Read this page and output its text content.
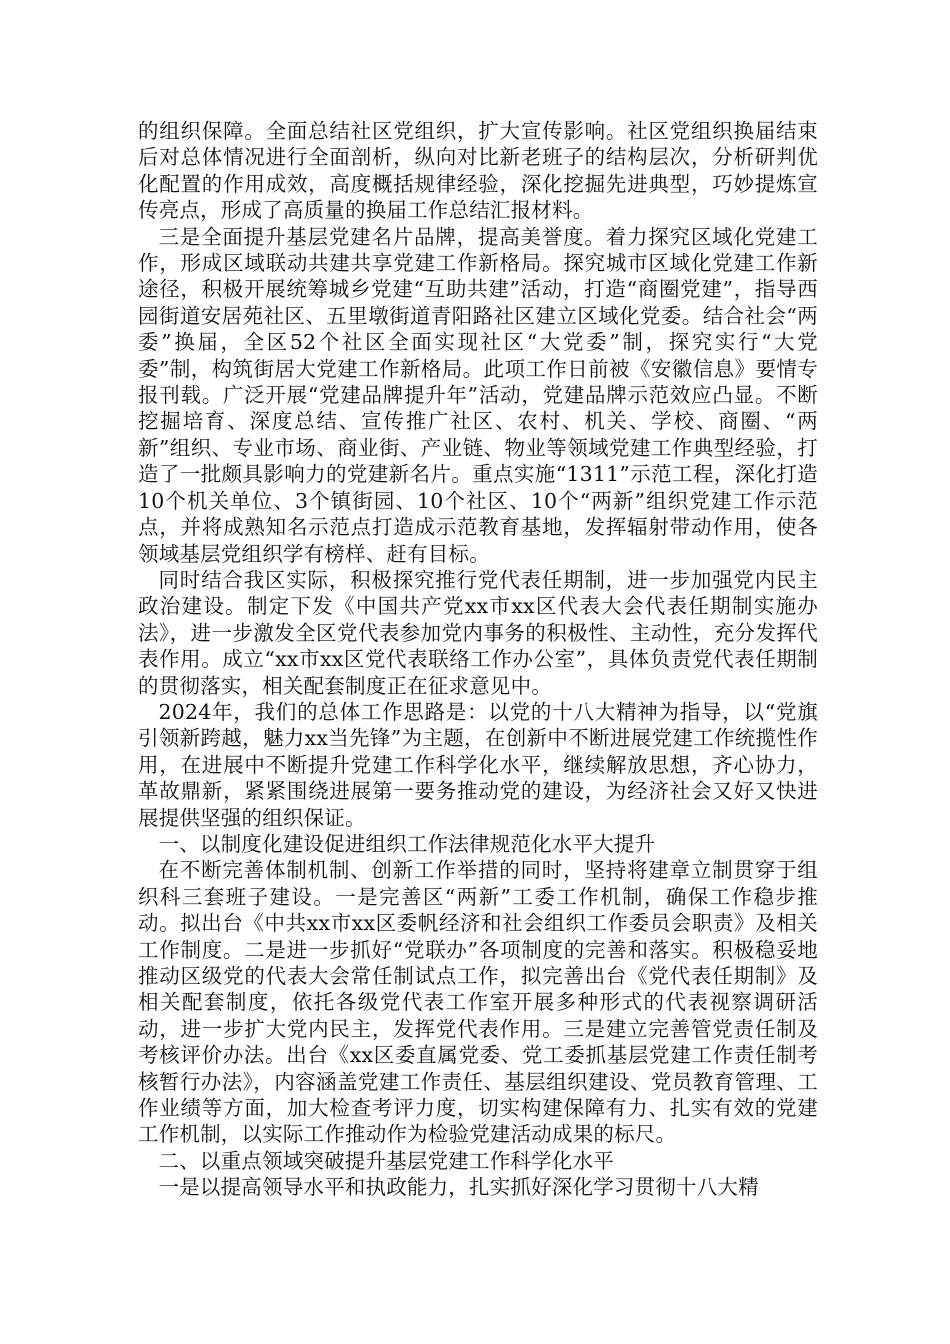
的组织保障。全面总结社区党组织，扩大宣传影响。社区党组织换届结束后对总体情况进行全面剖析，纵向对比新老班子的结构层次，分析研判优化配置的作用成效，高度概括规律经验，深化挖掘先进典型，巧妙提炼宣传亮点，形成了高质量的换届工作总结汇报材料。

三是全面提升基层党建名片品牌，提高美誉度。着力探究区域化党建工作，形成区域联动共建共享党建工作新格局。探究城市区域化党建工作新途径，积极开展统筹城乡党建“互助共建”活动，打造“商圈党建”，指导西园街道安居苑社区、五里墩街道青阳路社区建立区域化党委。结合社会“两委”换届，全区52个社区全面实现社区“大党委”制，探究实行“大党委”制，构筑街居大党建工作新格局。此项工作日前被《安徽信息》要情专报刊载。广泛开展“党建品牌提升年”活动，党建品牌示范效应凸显。不断挖掘培育、深度总结、宣传推广社区、农村、机关、学校、商圈、“两新”组织、专业市场、商业街、产业链、物业等领域党建工作典型经验，打造了一批颇具影响力的党建新名片。重点实施“1311”示范工程，深化打造10个机关单位、3个镇街园、10个社区、10个“两新”组织党建工作示范点，并将成熟知名示范点打造成示范教育基地，发挥辐射带动作用，使各领域基层党组织学有榜样、赶有目标。

同时结合我区实际，积极探究推行党代表任期制，进一步加强党内民主政治建设。制定下发《中国共产党xx市xx区代表大会代表任期制实施办法》，进一步激发全区党代表参加党内事务的积极性、主动性，充分发挥代表作用。成立“xx市xx区党代表联络工作办公室”，具体负责党代表任期制的贯彻落实，相关配套制度正在征求意见中。

2024年，我们的总体工作思路是：以党的十八大精神为指导，以“党旗引领新跨越，魅力xx当先锋”为主题，在创新中不断进展党建工作统揽性作用，在进展中不断提升党建工作科学化水平，继续解放思想，齐心协力，革故鼎新，紧紧围绕进展第一要务推动党的建设，为经济社会又好又快进展提供坚强的组织保证。

一、以制度化建设促进组织工作法律规范化水平大提升

在不断完善体制机制、创新工作举措的同时，坚持将建章立制贯穿于组织科三套班子建设。一是完善区“两新”工委工作机制，确保工作稳步推动。拟出台《中共xx市xx区委帆经济和社会组织工作委员会职责》及相关工作制度。二是进一步抓好“党联办”各项制度的完善和落实。积极稳妥地推动区级党的代表大会常任制试点工作，拟完善出台《党代表任期制》及相关配套制度，依托各级党代表工作室开展多种形式的代表视察调研活动，进一步扩大党内民主，发挥党代表作用。三是建立完善管党责任制及考核评价办法。出台《xx区委直属党委、党工委抓基层党建工作责任制考核暂行办法》，内容涵盖党建工作责任、基层组织建设、党员教育管理、工作业绩等方面，加大检查考评力度，切实构建保障有力、扎实有效的党建工作机制，以实际工作推动作为检验党建活动成果的标尺。

二、以重点领域突破提升基层党建工作科学化水平

一是以提高领导水平和执政能力，扎实抓好深化学习贯彻十八大精
